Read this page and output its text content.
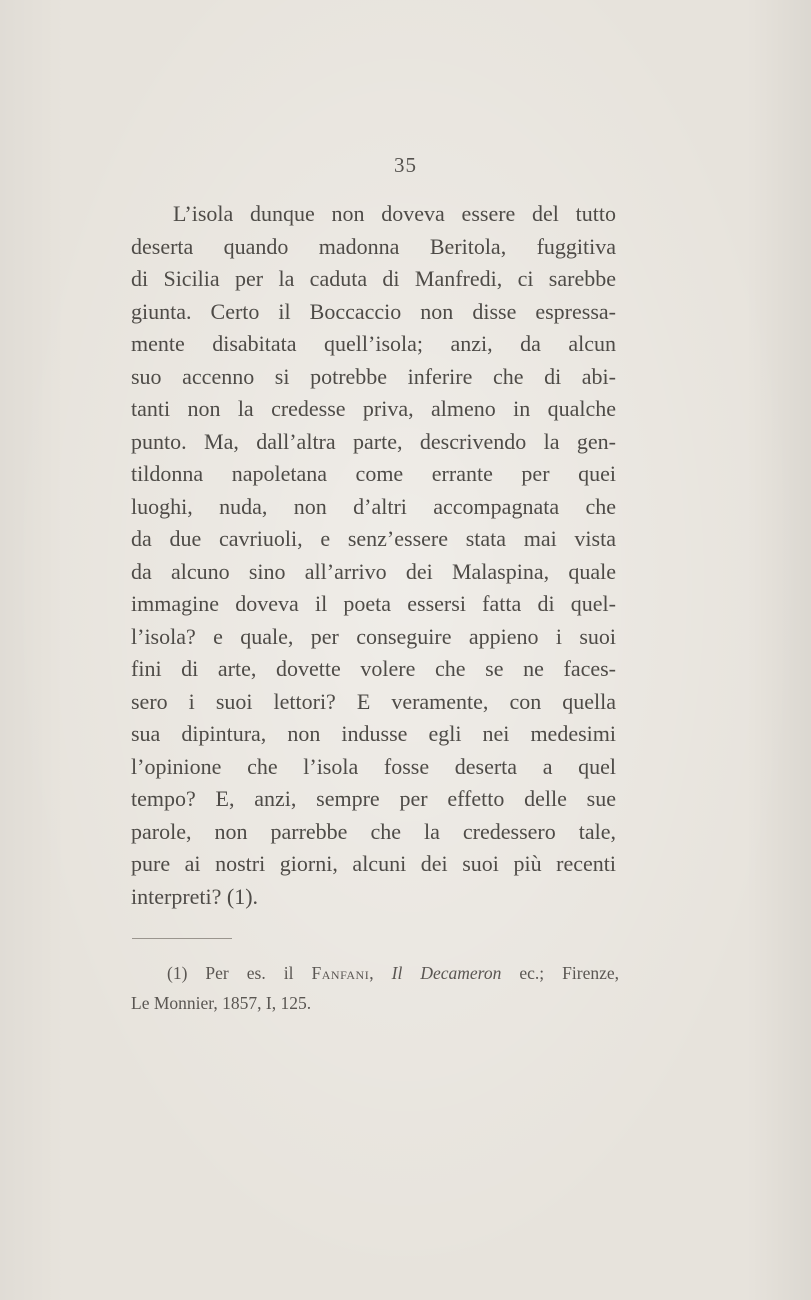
35
L’isola dunque non doveva essere del tutto
deserta quando madonna Beritola, fuggitiva
di Sicilia per la caduta di Manfredi, ci sarebbe
giunta. Certo il Boccaccio non disse espressa-
mente disabitata quell’isola; anzi, da alcun
suo accenno si potrebbe inferire che di abi-
tanti non la credesse priva, almeno in qualche
punto. Ma, dall’altra parte, descrivendo la gen-
tildonna napoletana come errante per quei
luoghi, nuda, non d’altri accompagnata che
da due cavriuoli, e senz’essere stata mai vista
da alcuno sino all’arrivo dei Malaspina, quale
immagine doveva il poeta essersi fatta di quel-
l’isola? e quale, per conseguire appieno i suoi
fini di arte, dovette volere che se ne faces-
sero i suoi lettori? E veramente, con quella
sua dipintura, non indusse egli nei medesimi
l’opinione che l’isola fosse deserta a quel
tempo? E, anzi, sempre per effetto delle sue
parole, non parrebbe che la credessero tale,
pure ai nostri giorni, alcuni dei suoi più recenti
interpreti? (1).
(1) Per es. il Fanfani, Il Decameron ec.; Firenze,
Le Monnier, 1857, I, 125.
